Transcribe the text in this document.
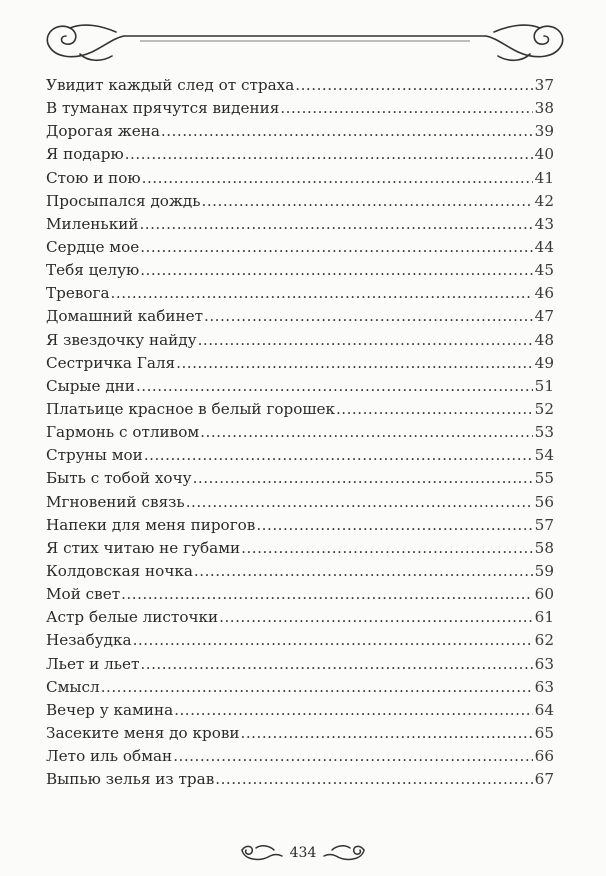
Увидит каждый след от страха .....	37
В туманах прячутся видения .....	38
Дорогая жена .....	39
Я подарю .....	40
Стою и пою .....	41
Просыпался дождь .....	42
Миленький .....	43
Сердце мое .....	44
Тебя целую .....	45
Тревога .....	46
Домашний кабинет .....	47
Я звездочку найду .....	48
Сестричка Галя .....	49
Сырые дни .....	51
Платьице красное в белый горошек .....	52
Гармонь с отливом .....	53
Струны мои .....	54
Быть с тобой хочу .....	55
Мгновений связь .....	56
Напеки для меня пирогов .....	57
Я стих читаю не губами .....	58
Колдовская ночка .....	59
Мой свет .....	60
Астр белые листочки .....	61
Незабудка .....	62
Льет и льет .....	63
Смысл .....	63
Вечер у камина .....	64
Засеките меня до крови .....	65
Лето иль обман .....	66
Выпью зелья из трав .....	67
434
